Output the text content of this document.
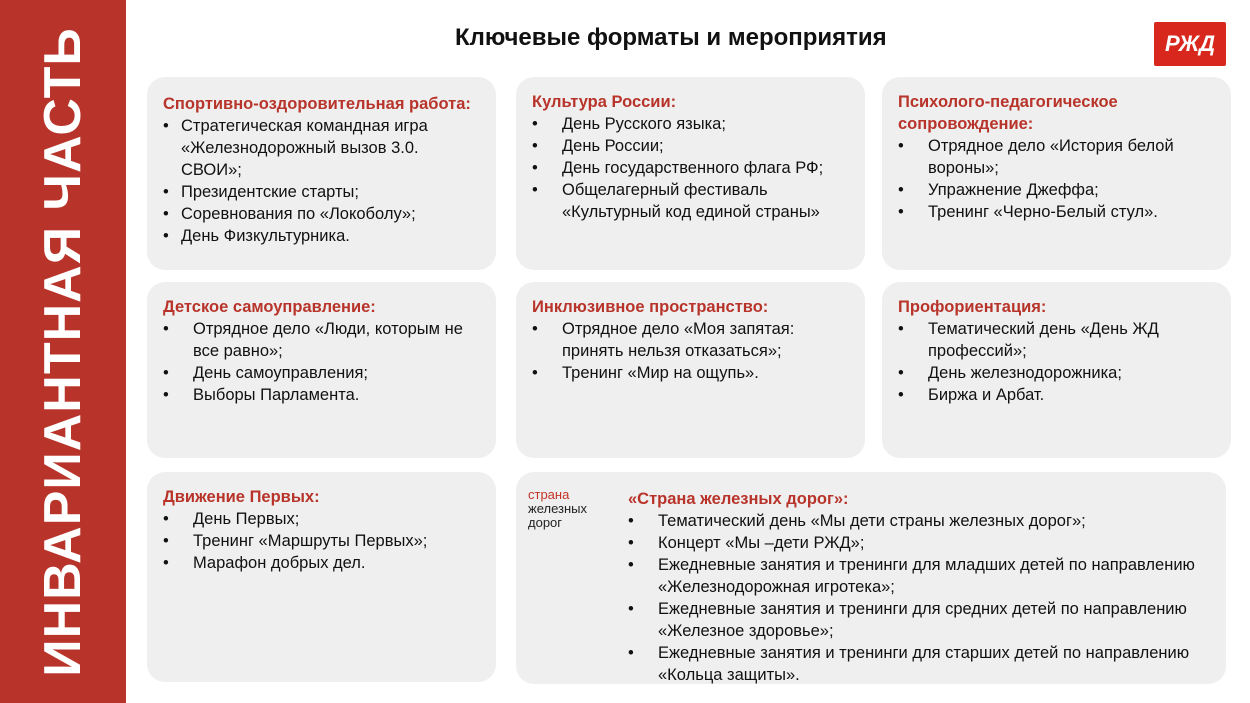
ИНВАРИАНТНАЯ ЧАСТЬ	Ключевые форматы и мероприятия	РЖД
Спортивно-оздоровительная работа:
• Стратегическая командная игра «Железнодорожный вызов 3.0. СВОИ»;
• Президентские старты;
• Соревнования по «Локоболу»;
• День Физкультурника.
Культура России:
• День Русского языка;
• День России;
• День государственного флага РФ;
• Общелагерный фестиваль «Культурный код единой страны»
Психолого-педагогическое сопровождение:
• Отрядное дело «История белой вороны»;
• Упражнение Джеффа;
• Тренинг «Черно-Белый стул».
Детское самоуправление:
• Отрядное дело «Люди, которым не все равно»;
• День самоуправления;
• Выборы Парламента.
Инклюзивное пространство:
• Отрядное дело «Моя запятая: принять нельзя отказаться»;
• Тренинг «Мир на ощупь».
Профориентация:
• Тематический день «День ЖД профессий»;
• День железнодорожника;
• Биржа и Арбат.
Движение Первых:
• День Первых;
• Тренинг «Маршруты Первых»;
• Марафон добрых дел.
«Страна железных дорог»:
• Тематический день «Мы дети страны железных дорог»;
• Концерт «Мы –дети РЖД»;
• Ежедневные занятия и тренинги для младших детей по направлению «Железнодорожная игротека»;
• Ежедневные занятия и тренинги для средних детей по направлению «Железное здоровье»;
• Ежедневные занятия и тренинги для старших детей по направлению «Кольца защиты».
страна
железных
дорог
